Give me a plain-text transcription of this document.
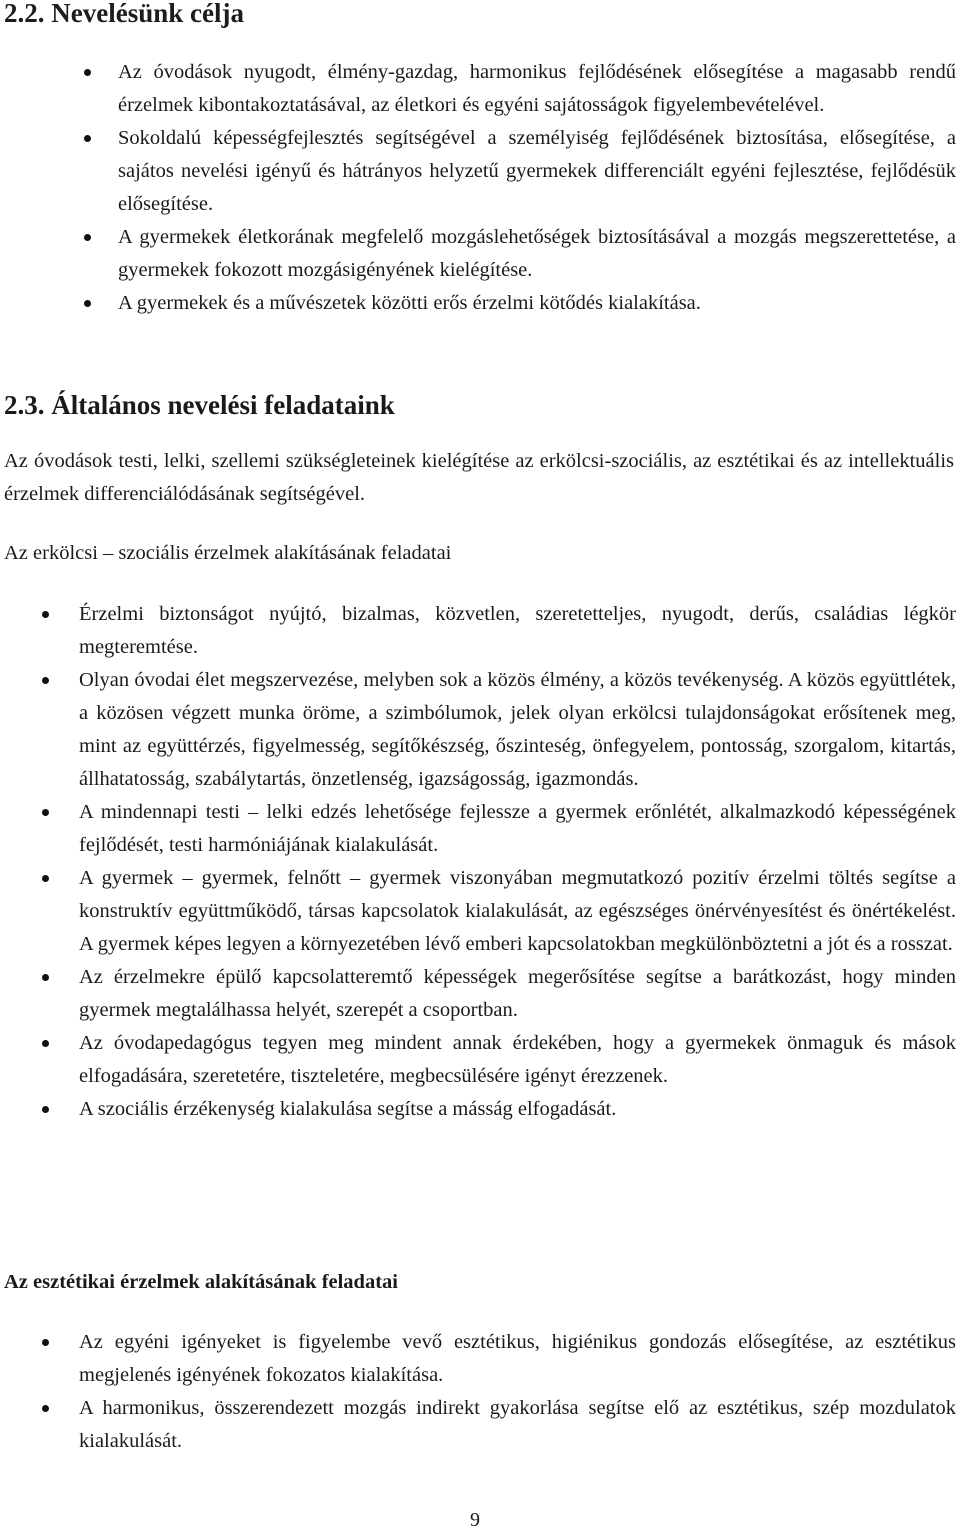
2.2. Nevelésünk célja
Az óvodások nyugodt, élmény-gazdag, harmonikus fejlődésének elősegítése a magasabb rendű érzelmek kibontakoztatásával, az életkori és egyéni sajátosságok figyelembevételével.
Sokoldalú képességfejlesztés segítségével a személyiség fejlődésének biztosítása, elősegítése, a sajátos nevelési igényű és hátrányos helyzetű gyermekek differenciált egyéni fejlesztése, fejlődésük elősegítése.
A gyermekek életkorának megfelelő mozgáslehetőségek biztosításával a mozgás megszerettetése, a gyermekek fokozott mozgásigényének kielégítése.
A gyermekek és a művészetek közötti erős érzelmi kötődés kialakítása.
2.3. Általános nevelési feladataink

Az óvodások testi, lelki, szellemi szükségleteinek kielégítése az erkölcsi-szociális, az esztétikai és az intellektuális érzelmek differenciálódásának segítségével.

Az erkölcsi – szociális érzelmek alakításának feladatai

Érzelmi biztonságot nyújtó, bizalmas, közvetlen, szeretetteljes, nyugodt, derűs, családias légkör megteremtése.
Olyan óvodai élet megszervezése, melyben sok a közös élmény, a közös tevékenység. A közös együttlétek, a közösen végzett munka öröme, a szimbólumok, jelek olyan erkölcsi tulajdonságokat erősítenek meg, mint az együttérzés, figyelmesség, segítőkészség, őszinteség, önfegyelem, pontosság, szorgalom, kitartás, állhatatosság, szabálytartás, önzetlenség, igazságosság, igazmondás.
A mindennapi testi – lelki edzés lehetősége fejlessze a gyermek erőnlétét, alkalmazkodó képességének fejlődését, testi harmóniájának kialakulását.
A gyermek – gyermek, felnőtt – gyermek viszonyában megmutatkozó pozitív érzelmi töltés segítse a konstruktív együttműködő, társas kapcsolatok kialakulását, az egészséges önérvényesítést és önértékelést. A gyermek képes legyen a környezetében lévő emberi kapcsolatokban megkülönböztetni a jót és a rosszat.
Az érzelmekre épülő kapcsolatteremtő képességek megerősítése segítse a barátkozást, hogy minden gyermek megtalálhassa helyét, szerepét a csoportban.
Az óvodapedagógus tegyen meg mindent annak érdekében, hogy a gyermekek önmaguk és mások elfogadására, szeretetére, tiszteletére, megbecsülésére igényt érezzenek.
A szociális érzékenység kialakulása segítse a másság elfogadását.

Az esztétikai érzelmek alakításának feladatai

Az egyéni igényeket is figyelembe vevő esztétikus, higiénikus gondozás elősegítése, az esztétikus megjelenés igényének fokozatos kialakítása.
A harmonikus, összerendezett mozgás indirekt gyakorlása segítse elő az esztétikus, szép mozdulatok kialakulását.

9
